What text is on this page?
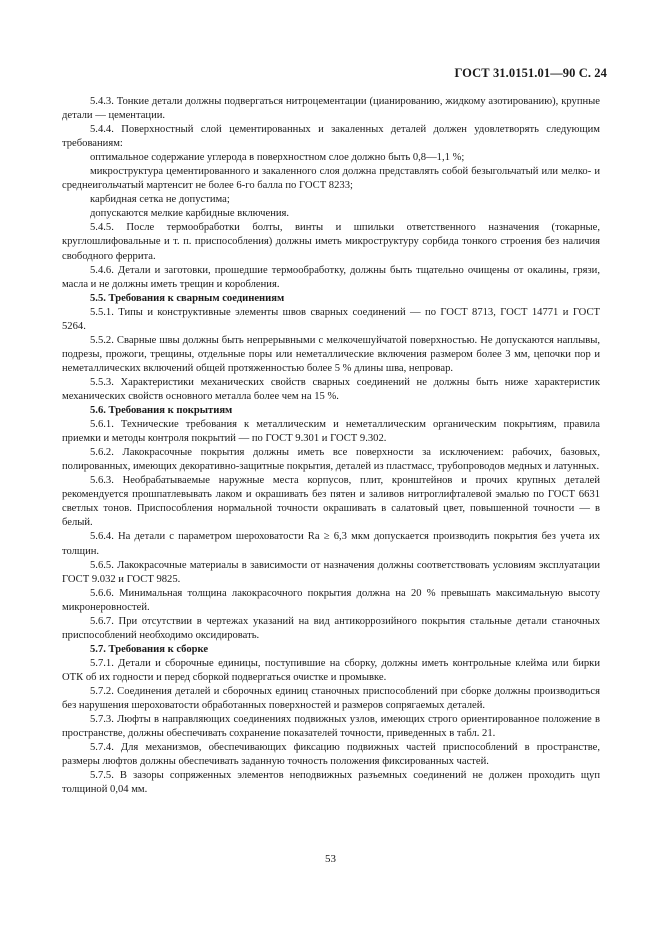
ГОСТ 31.0151.01—90 С. 24

5.4.3. Тонкие детали должны подвергаться нитроцементации (цианированию, жидкому азотированию), крупные детали — цементации.

5.4.4. Поверхностный слой цементированных и закаленных деталей должен удовлетворять следующим требованиям:

оптимальное содержание углерода в поверхностном слое должно быть 0,8—1,1 %;

микроструктура цементированного и закаленного слоя должна представлять собой безыгольчатый или мелко- и среднеигольчатый мартенсит не более 6-го балла по ГОСТ 8233;

карбидная сетка не допустима;

допускаются мелкие карбидные включения.

5.4.5. После термообработки болты, винты и шпильки ответственного назначения (токарные, круглошлифовальные и т. п. приспособления) должны иметь микроструктуру сорбида тонкого строения без наличия свободного феррита.

5.4.6. Детали и заготовки, прошедшие термообработку, должны быть тщательно очищены от окалины, грязи, масла и не должны иметь трещин и коробления.

5.5. Требования к сварным соединениям

5.5.1. Типы и конструктивные элементы швов сварных соединений — по ГОСТ 8713, ГОСТ 14771 и ГОСТ 5264.

5.5.2. Сварные швы должны быть непрерывными с мелкочешуйчатой поверхностью. Не допускаются наплывы, подрезы, прожоги, трещины, отдельные поры или неметаллические включения размером более 3 мм, цепочки пор и неметаллических включений общей протяженностью более 5 % длины шва, непровар.

5.5.3. Характеристики механических свойств сварных соединений не должны быть ниже характеристик механических свойств основного металла более чем на 15 %.

5.6. Требования к покрытиям

5.6.1. Технические требования к металлическим и неметаллическим органическим покрытиям, правила приемки и методы контроля покрытий — по ГОСТ 9.301 и ГОСТ 9.302.

5.6.2. Лакокрасочные покрытия должны иметь все поверхности за исключением: рабочих, базовых, полированных, имеющих декоративно-защитные покрытия, деталей из пластмасс, трубопроводов медных и латунных.

5.6.3. Необрабатываемые наружные места корпусов, плит, кронштейнов и прочих крупных деталей рекомендуется прошпатлевывать лаком и окрашивать без пятен и заливов нитроглифталевой эмалью по ГОСТ 6631 светлых тонов. Приспособления нормальной точности окрашивать в салатовый цвет, повышенной точности — в белый.

5.6.4. На детали с параметром шероховатости Ra ≥ 6,3 мкм допускается производить покрытия без учета их толщин.

5.6.5. Лакокрасочные материалы в зависимости от назначения должны соответствовать условиям эксплуатации ГОСТ 9.032 и ГОСТ 9825.

5.6.6. Минимальная толщина лакокрасочного покрытия должна на 20 % превышать максимальную высоту микронеровностей.

5.6.7. При отсутствии в чертежах указаний на вид антикоррозийного покрытия стальные детали станочных приспособлений необходимо оксидировать.

5.7. Требования к сборке

5.7.1. Детали и сборочные единицы, поступившие на сборку, должны иметь контрольные клейма или бирки ОТК об их годности и перед сборкой подвергаться очистке и промывке.

5.7.2. Соединения деталей и сборочных единиц станочных приспособлений при сборке должны производиться без нарушения шероховатости обработанных поверхностей и размеров сопрягаемых деталей.

5.7.3. Люфты в направляющих соединениях подвижных узлов, имеющих строго ориентированное положение в пространстве, должны обеспечивать сохранение показателей точности, приведенных в табл. 21.

5.7.4. Для механизмов, обеспечивающих фиксацию подвижных частей приспособлений в пространстве, размеры люфтов должны обеспечивать заданную точность положения фиксированных частей.

5.7.5. В зазоры сопряженных элементов неподвижных разъемных соединений не должен проходить щуп толщиной 0,04 мм.

53
